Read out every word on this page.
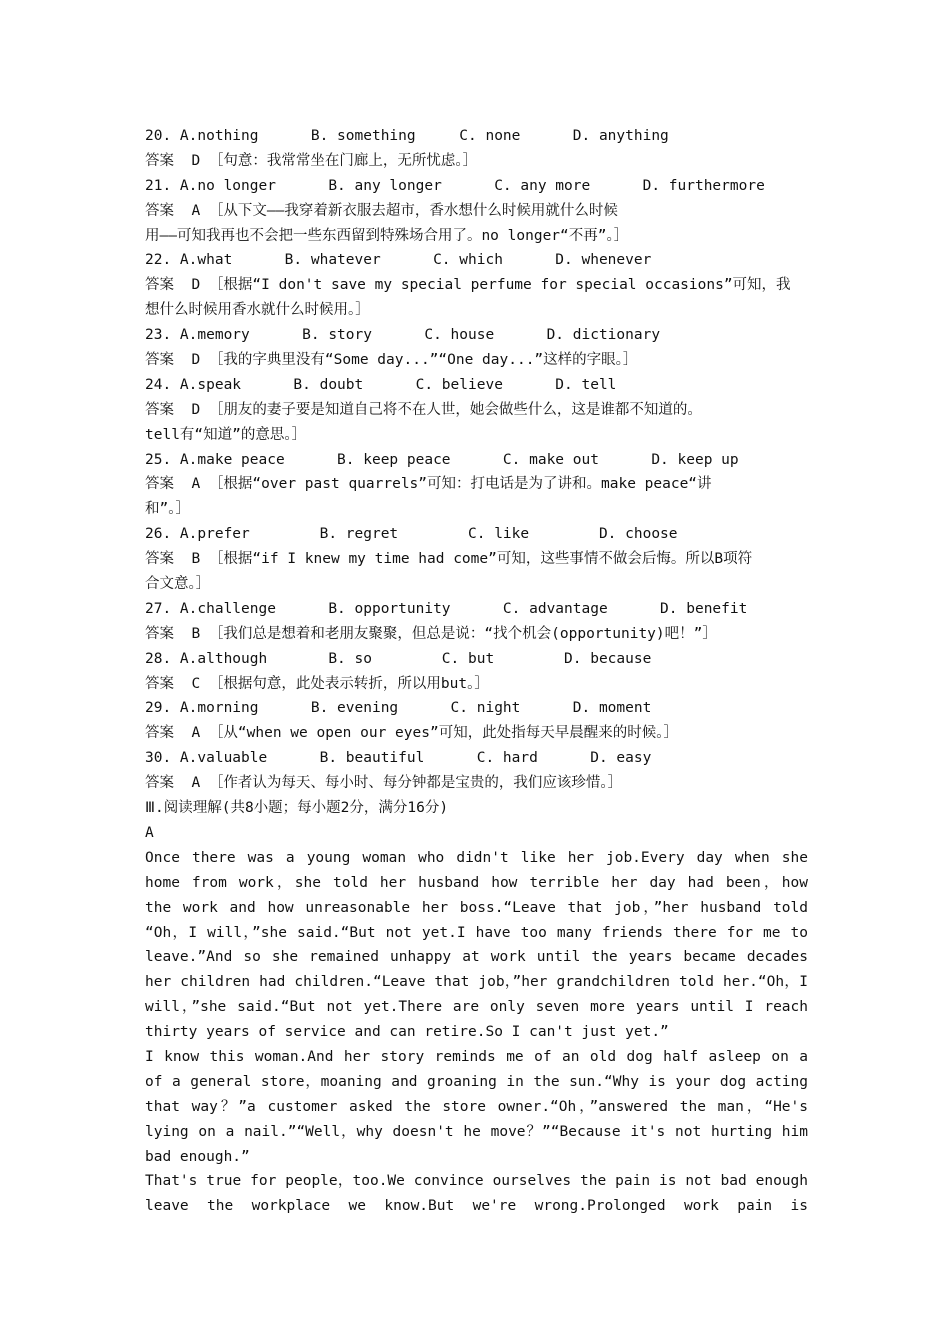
20. A.nothing      B. something     C. none      D. anything
答案  D ［句意：我常常坐在门廊上，无所忧虑。］
21. A.no longer      B. any longer      C. any more      D. furthermore
答案  A ［从下文——我穿着新衣服去超市，香水想什么时候用就什么时候
用——可知我再也不会把一些东西留到特殊场合用了。no longer“不再”。］
22. A.what      B. whatever      C. which      D. whenever
答案  D ［根据“I don't save my special perfume for special occasions”可知，我
想什么时候用香水就什么时候用。］
23. A.memory      B. story      C. house      D. dictionary
答案  D ［我的字典里没有“Some day...”“One day...”这样的字眼。］
24. A.speak      B. doubt      C. believe      D. tell
答案  D ［朋友的妻子要是知道自己将不在人世，她会做些什么，这是谁都不知道的。
tell有“知道”的意思。］
25. A.make peace      B. keep peace      C. make out      D. keep up
答案  A ［根据“over past quarrels”可知：打电话是为了讲和。make peace“讲
和”。］
26. A.prefer        B. regret        C. like        D. choose
答案  B ［根据“if I knew my time had come”可知，这些事情不做会后悔。所以B项符
合文意。］
27. A.challenge      B. opportunity      C. advantage      D. benefit
答案  B ［我们总是想着和老朋友聚聚，但总是说：“找个机会(opportunity)吧！”］
28. A.although       B. so        C. but        D. because
答案  C ［根据句意，此处表示转折，所以用but。］
29. A.morning      B. evening      C. night      D. moment
答案  A ［从“when we open our eyes”可知，此处指每天早晨醒来的时候。］
30. A.valuable      B. beautiful      C. hard      D. easy
答案  A ［作者认为每天、每小时、每分钟都是宝贵的，我们应该珍惜。］
Ⅲ.阅读理解(共8小题；每小题2分，满分16分)
A
Once there was a young woman who didn't like her job.Every day when she
home from work，she told her husband how terrible her day had been，how
the work and how unreasonable her boss.“Leave that job，”her husband told
“Oh，I will，”she said.“But not yet.I have too many friends there for me to
leave.”And so she remained unhappy at work until the years became decades
her children had children.“Leave that job，”her grandchildren told her.“Oh，I
will，”she said.“But not yet.There are only seven more years until I reach
thirty years of service and can retire.So I can't just yet.”
I know this woman.And her story reminds me of an old dog half asleep on a
of a general store，moaning and groaning in the sun.“Why is your dog acting
that way？”a customer asked the store owner.“Oh，”answered the man，“He's
lying on a nail.”“Well，why doesn't he move？”“Because it's not hurting him
bad enough.”
That's true for people，too.We convince ourselves the pain is not bad enough
leave the workplace we know.But we're wrong.Prolonged work pain is
